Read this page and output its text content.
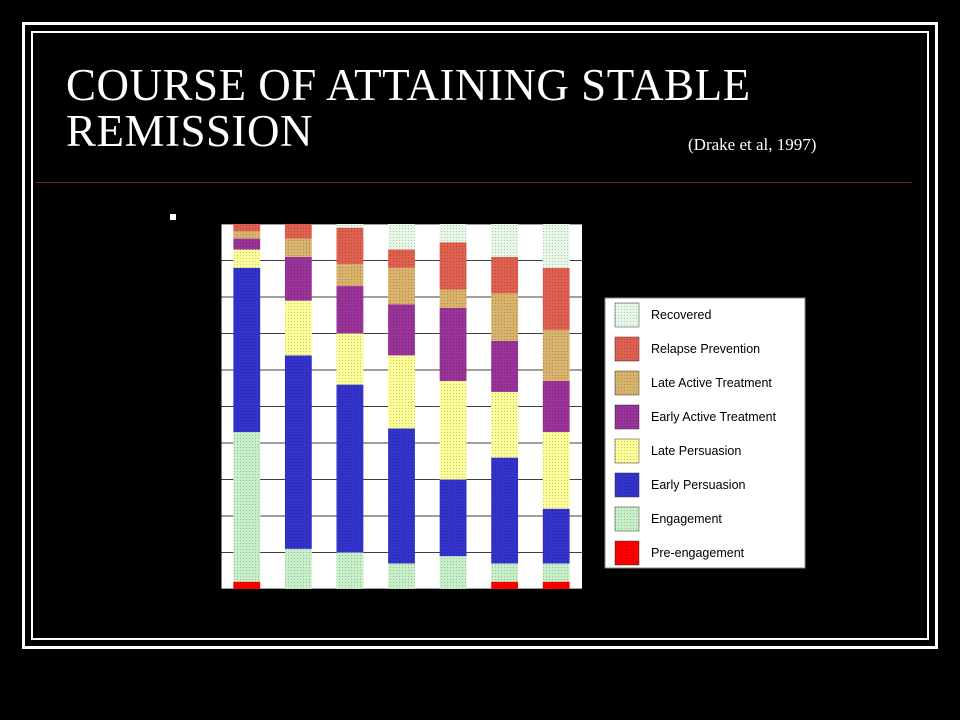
COURSE OF ATTAINING STABLE
REMISSION	(Drake et al, 1997)
Recovered
Relapse Prevention
Late Active Treatment
Early Active Treatment
Late Persuasion
Early Persuasion
Engagement
Pre-engagement
